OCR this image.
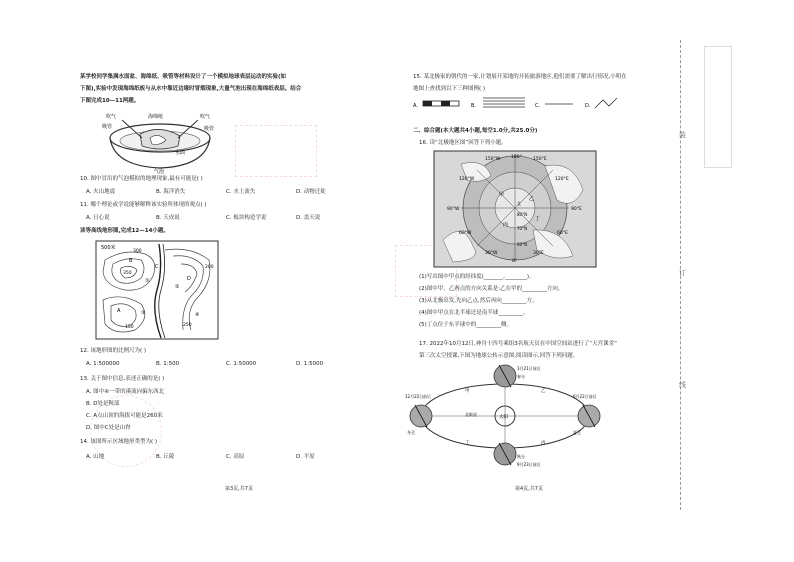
某学校同学集满水面盆、海绵纸、吸管等材料设计了一个模拟地球表层运动的实验(如
下图),实验中发现海绵纸板与从水中靠近边缘时冒烟现象,大量气泡出现在海绵纸表层。结合
下图完成10—11两题。
吹气	吹气
海绵纸
吸管	吸管
水面
气泡
10. 图中冒出的气泡模拟的地理现象,最有可能是( )
A. 火山地震	B. 海洋消失	C. 水土流失	D. 动物迁徙
11. 哪个理论或学说能够解释该实验所体现的观点( )
A. 日心说	B. 天成说	C. 板块构造学说	D. 盖天说
读等高线地形图,完成12—14小题。
500米
B
C
A
D
①
②
③	④
150
200
250
300
350
12. 该地形图的比例尺为( )
A. 1:500000	B. 1:500	C. 1:50000	D. 1:5000
13. 关于图中信息,表述正确的是( )
A. 图中④一带的溪流向偏东西北
B. D处是鞍部
C. A点山顶的海拔可能是260米
D. 图中C处是山脊
14. 该图所示区域地形类型为( )
A. 山地	B. 丘陵	C. 高原	D. 平原
第3页,共7页
15. 某北极家的朝代的一家,计划展开某地的开拓旅游地区,他们需要了解出行情况,小明在
地图上查找到以下三种图例( )
A.	B.	C.	D.
二、综合题(本大题共4小题,每空1.0分,共25.0分)
16. 读“北极地区图”回答下列小题。
0°
30°W	30°E
60°W	60°E
90°W	90°E
120°W	120°E
150°W	150°E
180°
甲
乙
丙
丁
60°N
70°N
80°N
北
(1)写出图中甲点的经纬度(_______,________)。
(2)图中甲、乙两点的方向关系是:乙在甲的_________方向。
(3)从北极出发,先向乙点,然后再向_________方。
(4)图中甲点在北半球还是南半球_________。
(5)丁点位于东半球中的_________侧。
17. 2022年10月12日,神舟十四号乘组3名航天员在中国空间站进行了“天宫课堂”
第三次太空授课,下图为地球公转示意图,阅读图示,回答下列问题。
3月21日前后
6月22日前后
9月23日前后
12月22日前后
春分
夏至
秋分
冬至
太阳
甲	乙
丙
丁
北极星
第4页,共7页
装
订
线
